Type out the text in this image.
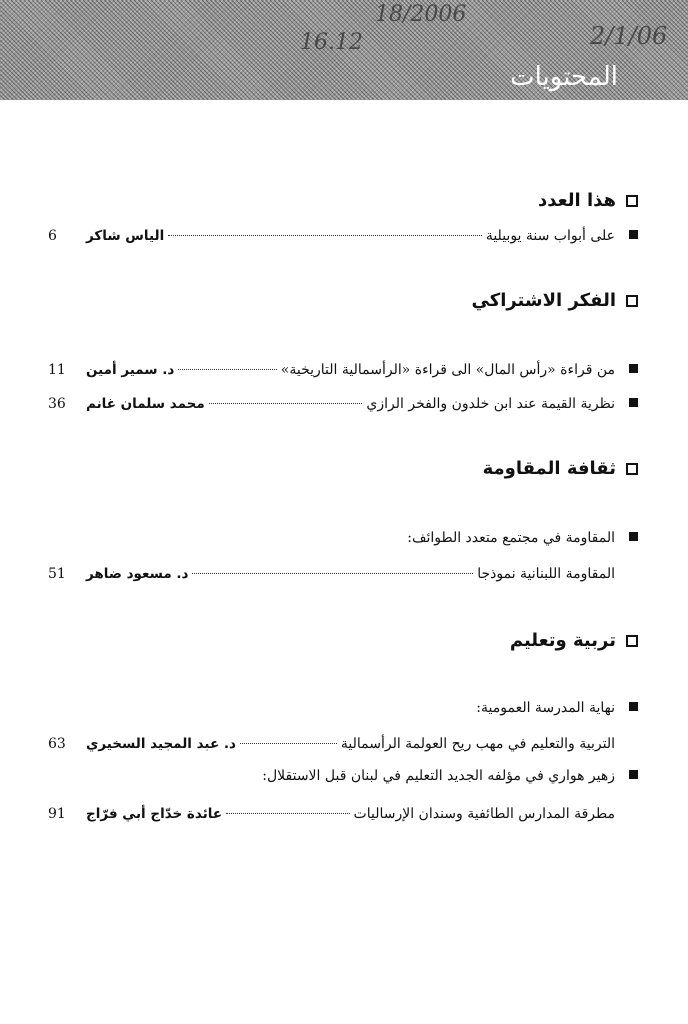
18/2006
16.12	2/1/06
المحتويات
هذا العدد
على أبواب سنة يوبيلية
الياس شاكر
6
الفكر الاشتراكي
من قراءة «رأس المال» الى قراءة «الرأسمالية التاريخية»
د. سمير أمين
11
نظرية القيمة عند ابن خلدون والفخر الرازي
محمد سلمان غانم
36
ثقافة المقاومة
المقاومة في مجتمع متعدد الطوائف:
المقاومة اللبنانية نموذجا
د. مسعود ضاهر
51
تربية وتعليم
نهاية المدرسة العمومية:
التربية والتعليم في مهب ريح العولمة الرأسمالية
د. عبد المجيد السخيري
63
زهير هواري في مؤلفه الجديد التعليم في لبنان قبل الاستقلال:
مطرقة المدارس الطائفية وسندان الإرساليات
عائدة خدّاج أبي فرّاج
91
